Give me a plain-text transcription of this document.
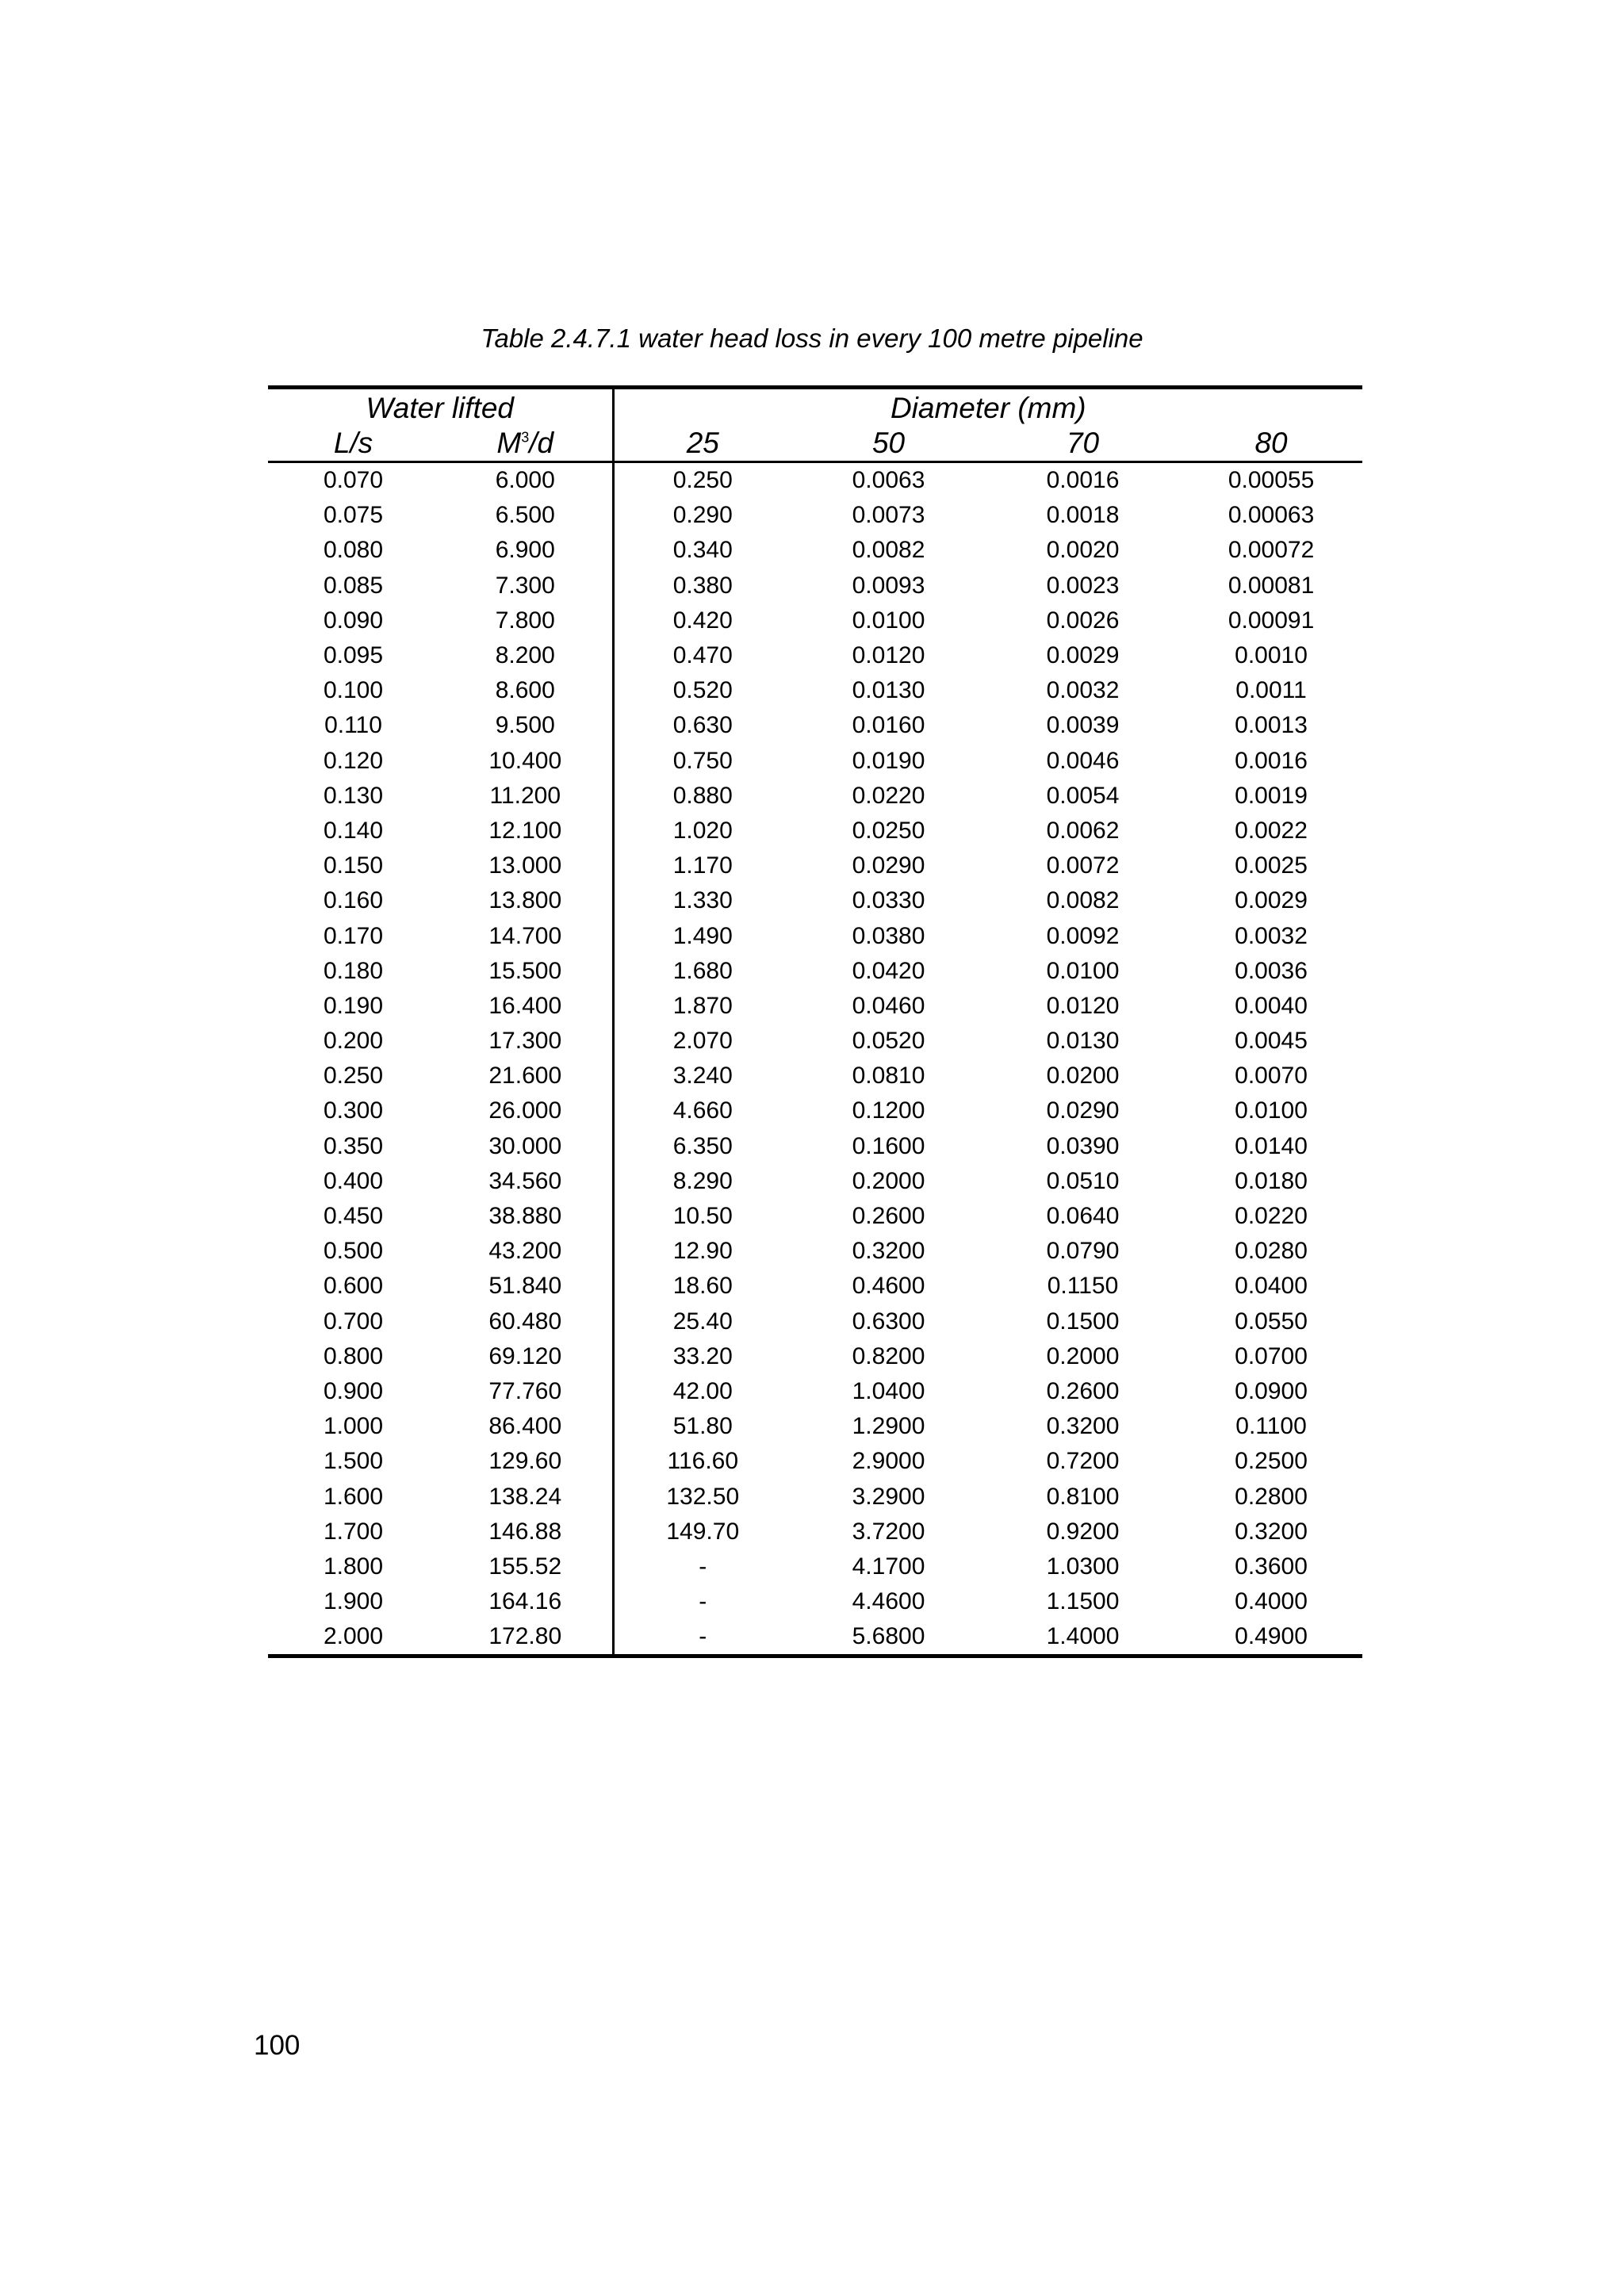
Table 2.4.7.1 water head loss in every 100 metre pipeline
Water lifted		Diameter (mm)			
L/s	$M^3/d$	25	50	70	80
0.070	6.000	0.250	0.0063	0.0016	0.00055
0.075	6.500	0.290	0.0073	0.0018	0.00063
0.080	6.900	0.340	0.0082	0.0020	0.00072
0.085	7.300	0.380	0.0093	0.0023	0.00081
0.090	7.800	0.420	0.0100	0.0026	0.00091
0.095	8.200	0.470	0.0120	0.0029	0.0010
0.100	8.600	0.520	0.0130	0.0032	0.0011
0.110	9.500	0.630	0.0160	0.0039	0.0013
0.120	10.400	0.750	0.0190	0.0046	0.0016
0.130	11.200	0.880	0.0220	0.0054	0.0019
0.140	12.100	1.020	0.0250	0.0062	0.0022
0.150	13.000	1.170	0.0290	0.0072	0.0025
0.160	13.800	1.330	0.0330	0.0082	0.0029
0.170	14.700	1.490	0.0380	0.0092	0.0032
0.180	15.500	1.680	0.0420	0.0100	0.0036
0.190	16.400	1.870	0.0460	0.0120	0.0040
0.200	17.300	2.070	0.0520	0.0130	0.0045
0.250	21.600	3.240	0.0810	0.0200	0.0070
0.300	26.000	4.660	0.1200	0.0290	0.0100
0.350	30.000	6.350	0.1600	0.0390	0.0140
0.400	34.560	8.290	0.2000	0.0510	0.0180
0.450	38.880	10.50	0.2600	0.0640	0.0220
0.500	43.200	12.90	0.3200	0.0790	0.0280
0.600	51.840	18.60	0.4600	0.1150	0.0400
0.700	60.480	25.40	0.6300	0.1500	0.0550
0.800	69.120	33.20	0.8200	0.2000	0.0700
0.900	77.760	42.00	1.0400	0.2600	0.0900
1.000	86.400	51.80	1.2900	0.3200	0.1100
1.500	129.60	116.60	2.9000	0.7200	0.2500
1.600	138.24	132.50	3.2900	0.8100	0.2800
1.700	146.88	149.70	3.7200	0.9200	0.3200
1.800	155.52	-	4.1700	1.0300	0.3600
1.900	164.16	-	4.4600	1.1500	0.4000
2.000	172.80	-	5.6800	1.4000	0.4900
100
